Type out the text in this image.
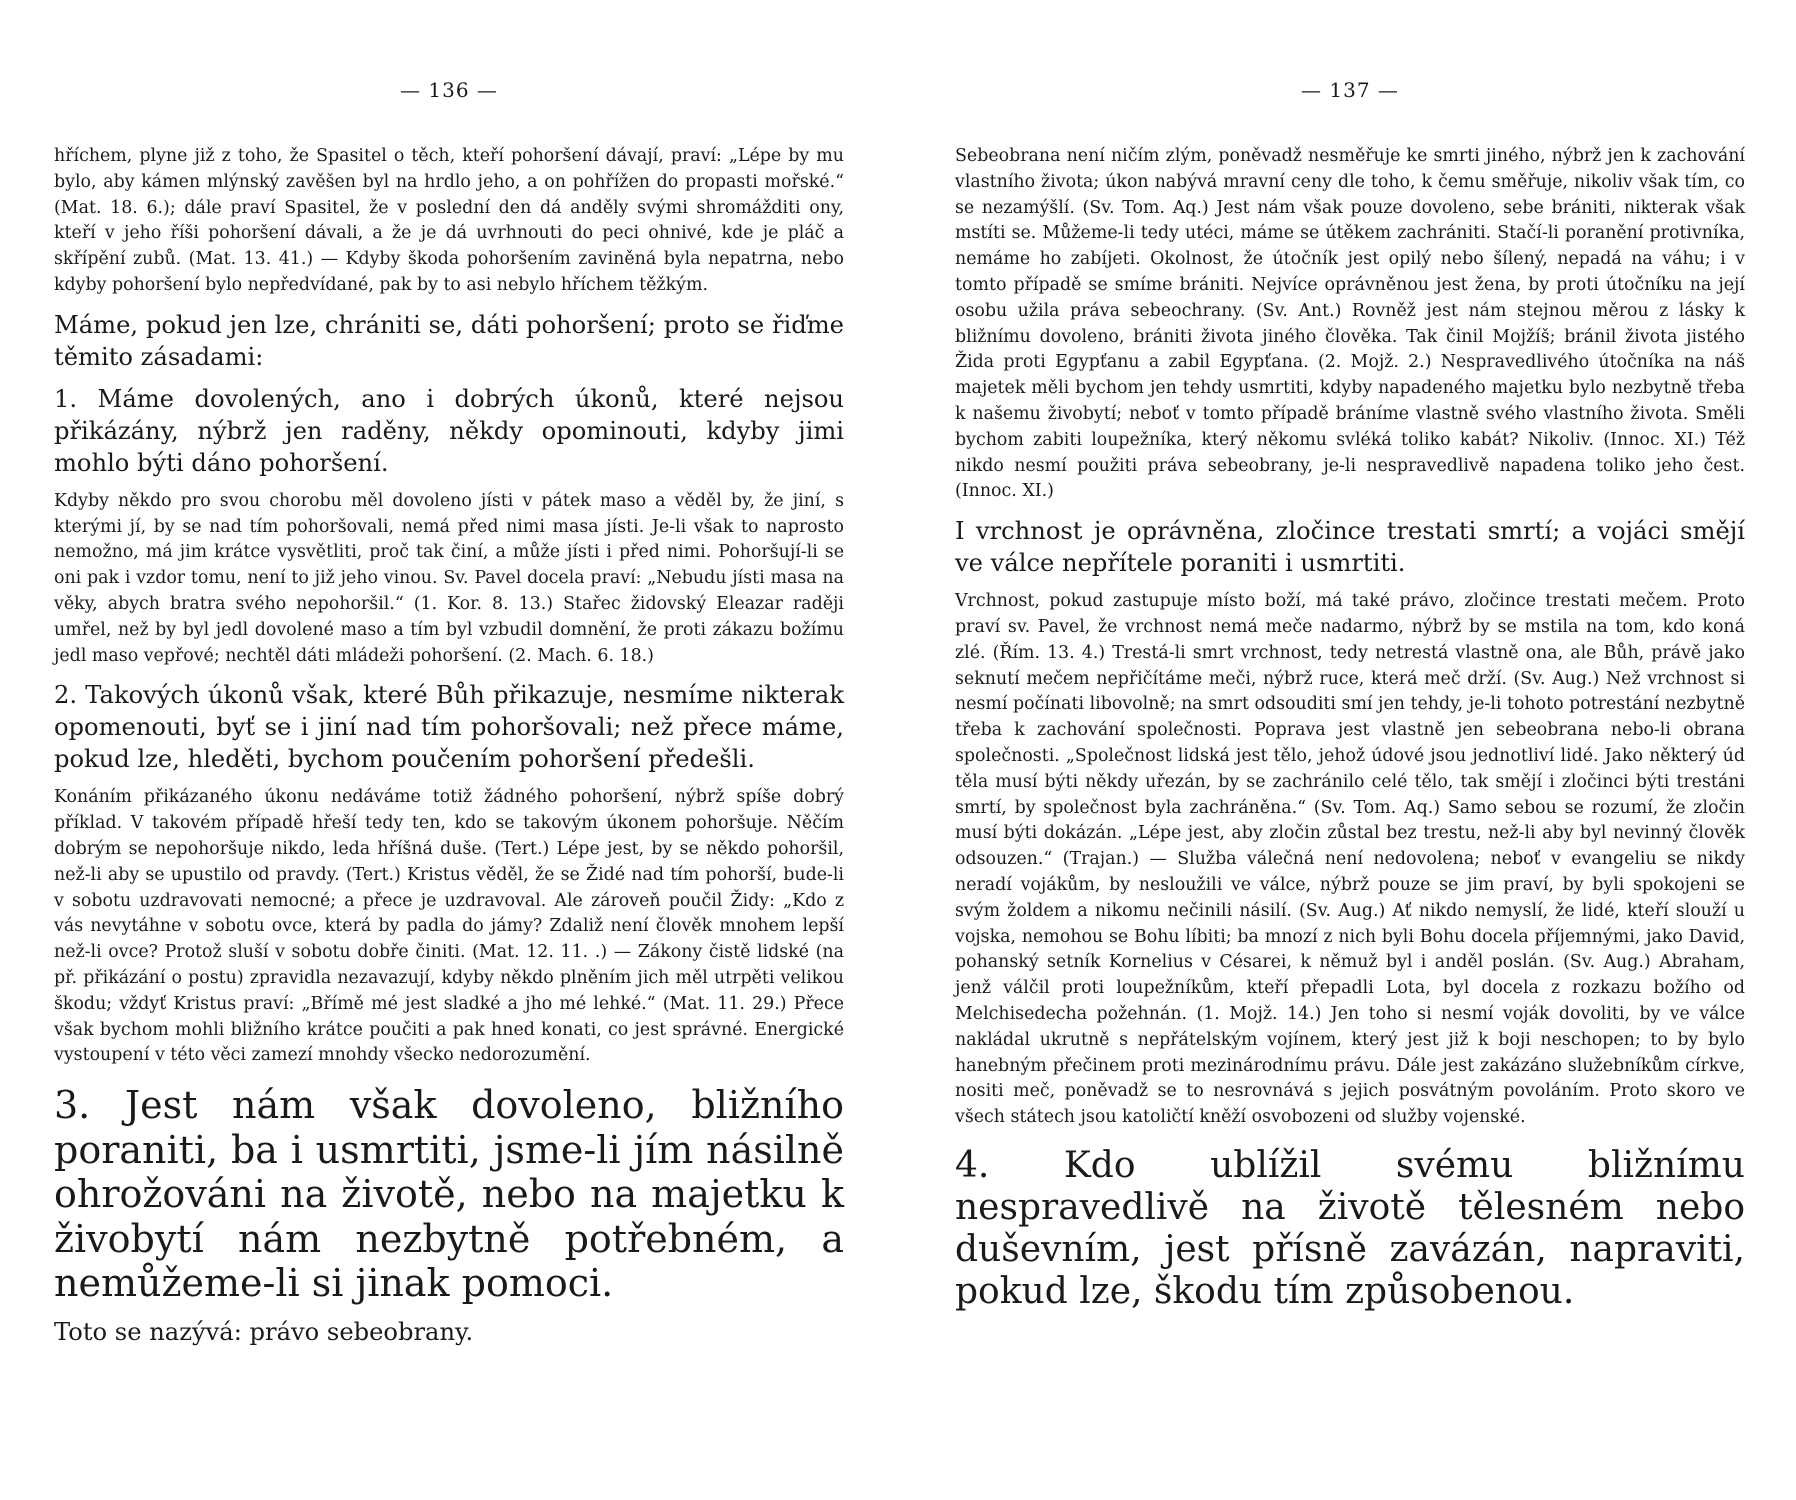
— 136 —

hříchem, plyne již z toho, že Spasitel o těch, kteří pohoršení dávají, praví: „Lépe by mu bylo, aby kámen mlýnský zavěšen byl na hrdlo jeho, a on pohřížen do propasti mořské.“ (Mat. 18. 6.); dále praví Spasitel, že v poslední den dá anděly svými shromážditi ony, kteří v jeho říši pohoršení dávali, a že je dá uvrhnouti do peci ohnivé, kde je pláč a skřípění zubů. (Mat. 13. 41.) — Kdyby škoda pohoršením zaviněná byla nepatrna, nebo kdyby pohoršení bylo nepředvídané, pak by to asi nebylo hříchem těžkým.

Máme, pokud jen lze, chrániti se, dáti pohoršení; proto se řiďme těmito zásadami:

1. Máme dovolených, ano i dobrých úkonů, které nejsou přikázány, nýbrž jen raděny, někdy opominouti, kdyby jimi mohlo býti dáno pohoršení.

Kdyby někdo pro svou chorobu měl dovoleno jísti v pátek maso a věděl by, že jiní, s kterými jí, by se nad tím pohoršovali, nemá před nimi masa jísti. Je-li však to naprosto nemožno, má jim krátce vysvětliti, proč tak činí, a může jísti i před nimi. Pohoršují-li se oni pak i vzdor tomu, není to již jeho vinou. Sv. Pavel docela praví: „Nebudu jísti masa na věky, abych bratra svého nepohoršil.“ (1. Kor. 8. 13.) Stařec židovský Eleazar raději umřel, než by byl jedl dovolené maso a tím byl vzbudil domnění, že proti zákazu božímu jedl maso vepřové; nechtěl dáti mládeži pohoršení. (2. Mach. 6. 18.)

2. Takových úkonů však, které Bůh přikazuje, nesmíme nikterak opomenouti, byť se i jiní nad tím pohoršovali; než přece máme, pokud lze, hleděti, bychom poučením pohoršení předešli.

Konáním přikázaného úkonu nedáváme totiž žádného pohoršení, nýbrž spíše dobrý příklad. V takovém případě hřeší tedy ten, kdo se takovým úkonem pohoršuje. Něčím dobrým se nepohoršuje nikdo, leda hříšná duše. (Tert.) Lépe jest, by se někdo pohoršil, než-li aby se upustilo od pravdy. (Tert.) Kristus věděl, že se Židé nad tím pohorší, bude-li v sobotu uzdravovati nemocné; a přece je uzdravoval. Ale zároveň poučil Židy: „Kdo z vás nevytáhne v sobotu ovce, která by padla do jámy? Zdaliž není člověk mnohem lepší než-li ovce? Protož sluší v sobotu dobře činiti. (Mat. 12. 11. .) — Zákony čistě lidské (na př. přikázání o postu) zpravidla nezavazují, kdyby někdo plněním jich měl utrpěti velikou škodu; vždyť Kristus praví: „Břímě mé jest sladké a jho mé lehké.“ (Mat. 11. 29.) Přece však bychom mohli bližního krátce poučiti a pak hned konati, co jest správné. Energické vystoupení v této věci zamezí mnohdy všecko nedorozumění.

3. Jest nám však dovoleno, bližního poraniti, ba i usmrtiti, jsme-li jím násilně ohrožováni na životě, nebo na majetku k živobytí nám nezbytně potřebném, a nemůžeme-li si jinak pomoci.

Toto se nazývá: právo sebeobrany.

— 137 —

Sebeobrana není ničím zlým, poněvadž nesměřuje ke smrti jiného, nýbrž jen k zachování vlastního života; úkon nabývá mravní ceny dle toho, k čemu směřuje, nikoliv však tím, co se nezamýšlí. (Sv. Tom. Aq.) Jest nám však pouze dovoleno, sebe brániti, nikterak však mstíti se. Můžeme-li tedy utéci, máme se útěkem zachrániti. Stačí-li poranění protivníka, nemáme ho zabíjeti. Okolnost, že útočník jest opilý nebo šílený, nepadá na váhu; i v tomto případě se smíme brániti. Nejvíce oprávněnou jest žena, by proti útočníku na její osobu užila práva sebeochrany. (Sv. Ant.) Rovněž jest nám stejnou měrou z lásky k bližnímu dovoleno, brániti života jiného člověka. Tak činil Mojžíš; bránil života jistého Žida proti Egypťanu a zabil Egypťana. (2. Mojž. 2.) Nespravedlivého útočníka na náš majetek měli bychom jen tehdy usmrtiti, kdyby napadeného majetku bylo nezbytně třeba k našemu živobytí; neboť v tomto případě bráníme vlastně svého vlastního života. Směli bychom zabiti loupežníka, který někomu svléká toliko kabát? Nikoliv. (Innoc. XI.) Též nikdo nesmí použiti práva sebeobrany, je-li nespravedlivě napadena toliko jeho čest. (Innoc. XI.)

I vrchnost je oprávněna, zločince trestati smrtí; a vojáci smějí ve válce nepřítele poraniti i usmrtiti.

Vrchnost, pokud zastupuje místo boží, má také právo, zločince trestati mečem. Proto praví sv. Pavel, že vrchnost nemá meče nadarmo, nýbrž by se mstila na tom, kdo koná zlé. (Řím. 13. 4.) Trestá-li smrt vrchnost, tedy netrestá vlastně ona, ale Bůh, právě jako seknutí mečem nepřičítáme meči, nýbrž ruce, která meč drží. (Sv. Aug.) Než vrchnost si nesmí počínati libovolně; na smrt odsouditi smí jen tehdy, je-li tohoto potrestání nezbytně třeba k zachování společnosti. Poprava jest vlastně jen sebeobrana nebo-li obrana společnosti. „Společnost lidská jest tělo, jehož údové jsou jednotliví lidé. Jako některý úd těla musí býti někdy uřezán, by se zachránilo celé tělo, tak smějí i zločinci býti trestáni smrtí, by společnost byla zachráněna.“ (Sv. Tom. Aq.) Samo sebou se rozumí, že zločin musí býti dokázán. „Lépe jest, aby zločin zůstal bez trestu, než-li aby byl nevinný člověk odsouzen.“ (Trajan.) — Služba válečná není nedovolena; neboť v evangeliu se nikdy neradí vojákům, by nesloužili ve válce, nýbrž pouze se jim praví, by byli spokojeni se svým žoldem a nikomu nečinili násilí. (Sv. Aug.) Ať nikdo nemyslí, že lidé, kteří slouží u vojska, nemohou se Bohu líbiti; ba mnozí z nich byli Bohu docela příjemnými, jako David, pohanský setník Kornelius v Césarei, k němuž byl i anděl poslán. (Sv. Aug.) Abraham, jenž válčil proti loupežníkům, kteří přepadli Lota, byl docela z rozkazu božího od Melchisedecha požehnán. (1. Mojž. 14.) Jen toho si nesmí voják dovoliti, by ve válce nakládal ukrutně s nepřátelským vojínem, který jest již k boji neschopen; to by bylo hanebným přečinem proti mezinárodnímu právu. Dále jest zakázáno služebníkům církve, nositi meč, poněvadž se to nesrovnává s jejich posvátným povoláním. Proto skoro ve všech státech jsou katoličtí kněží osvobozeni od služby vojenské.

4. Kdo ublížil svému bližnímu nespravedlivě na životě tělesném nebo duševním, jest přísně zavázán, napraviti, pokud lze, škodu tím způsobenou.
